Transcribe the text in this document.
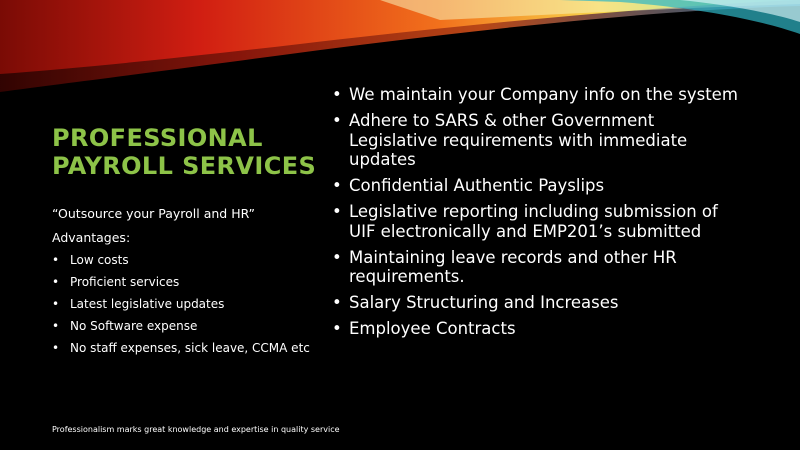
PROFESSIONAL
PAYROLL SERVICES

“Outsource your Payroll and HR”

Advantages:

• Low costs
• Proficient services
• Latest legislative updates
• No Software expense
• No staff expenses, sick leave, CCMA etc
• We maintain your Company info on the system
• Adhere to SARS & other Government Legislative requirements with immediate updates
• Confidential Authentic Payslips
• Legislative reporting including submission of UIF electronically and EMP201’s submitted
• Maintaining leave records and other HR requirements.
• Salary Structuring and Increases
• Employee Contracts
Professionalism marks great knowledge and expertise in quality service
